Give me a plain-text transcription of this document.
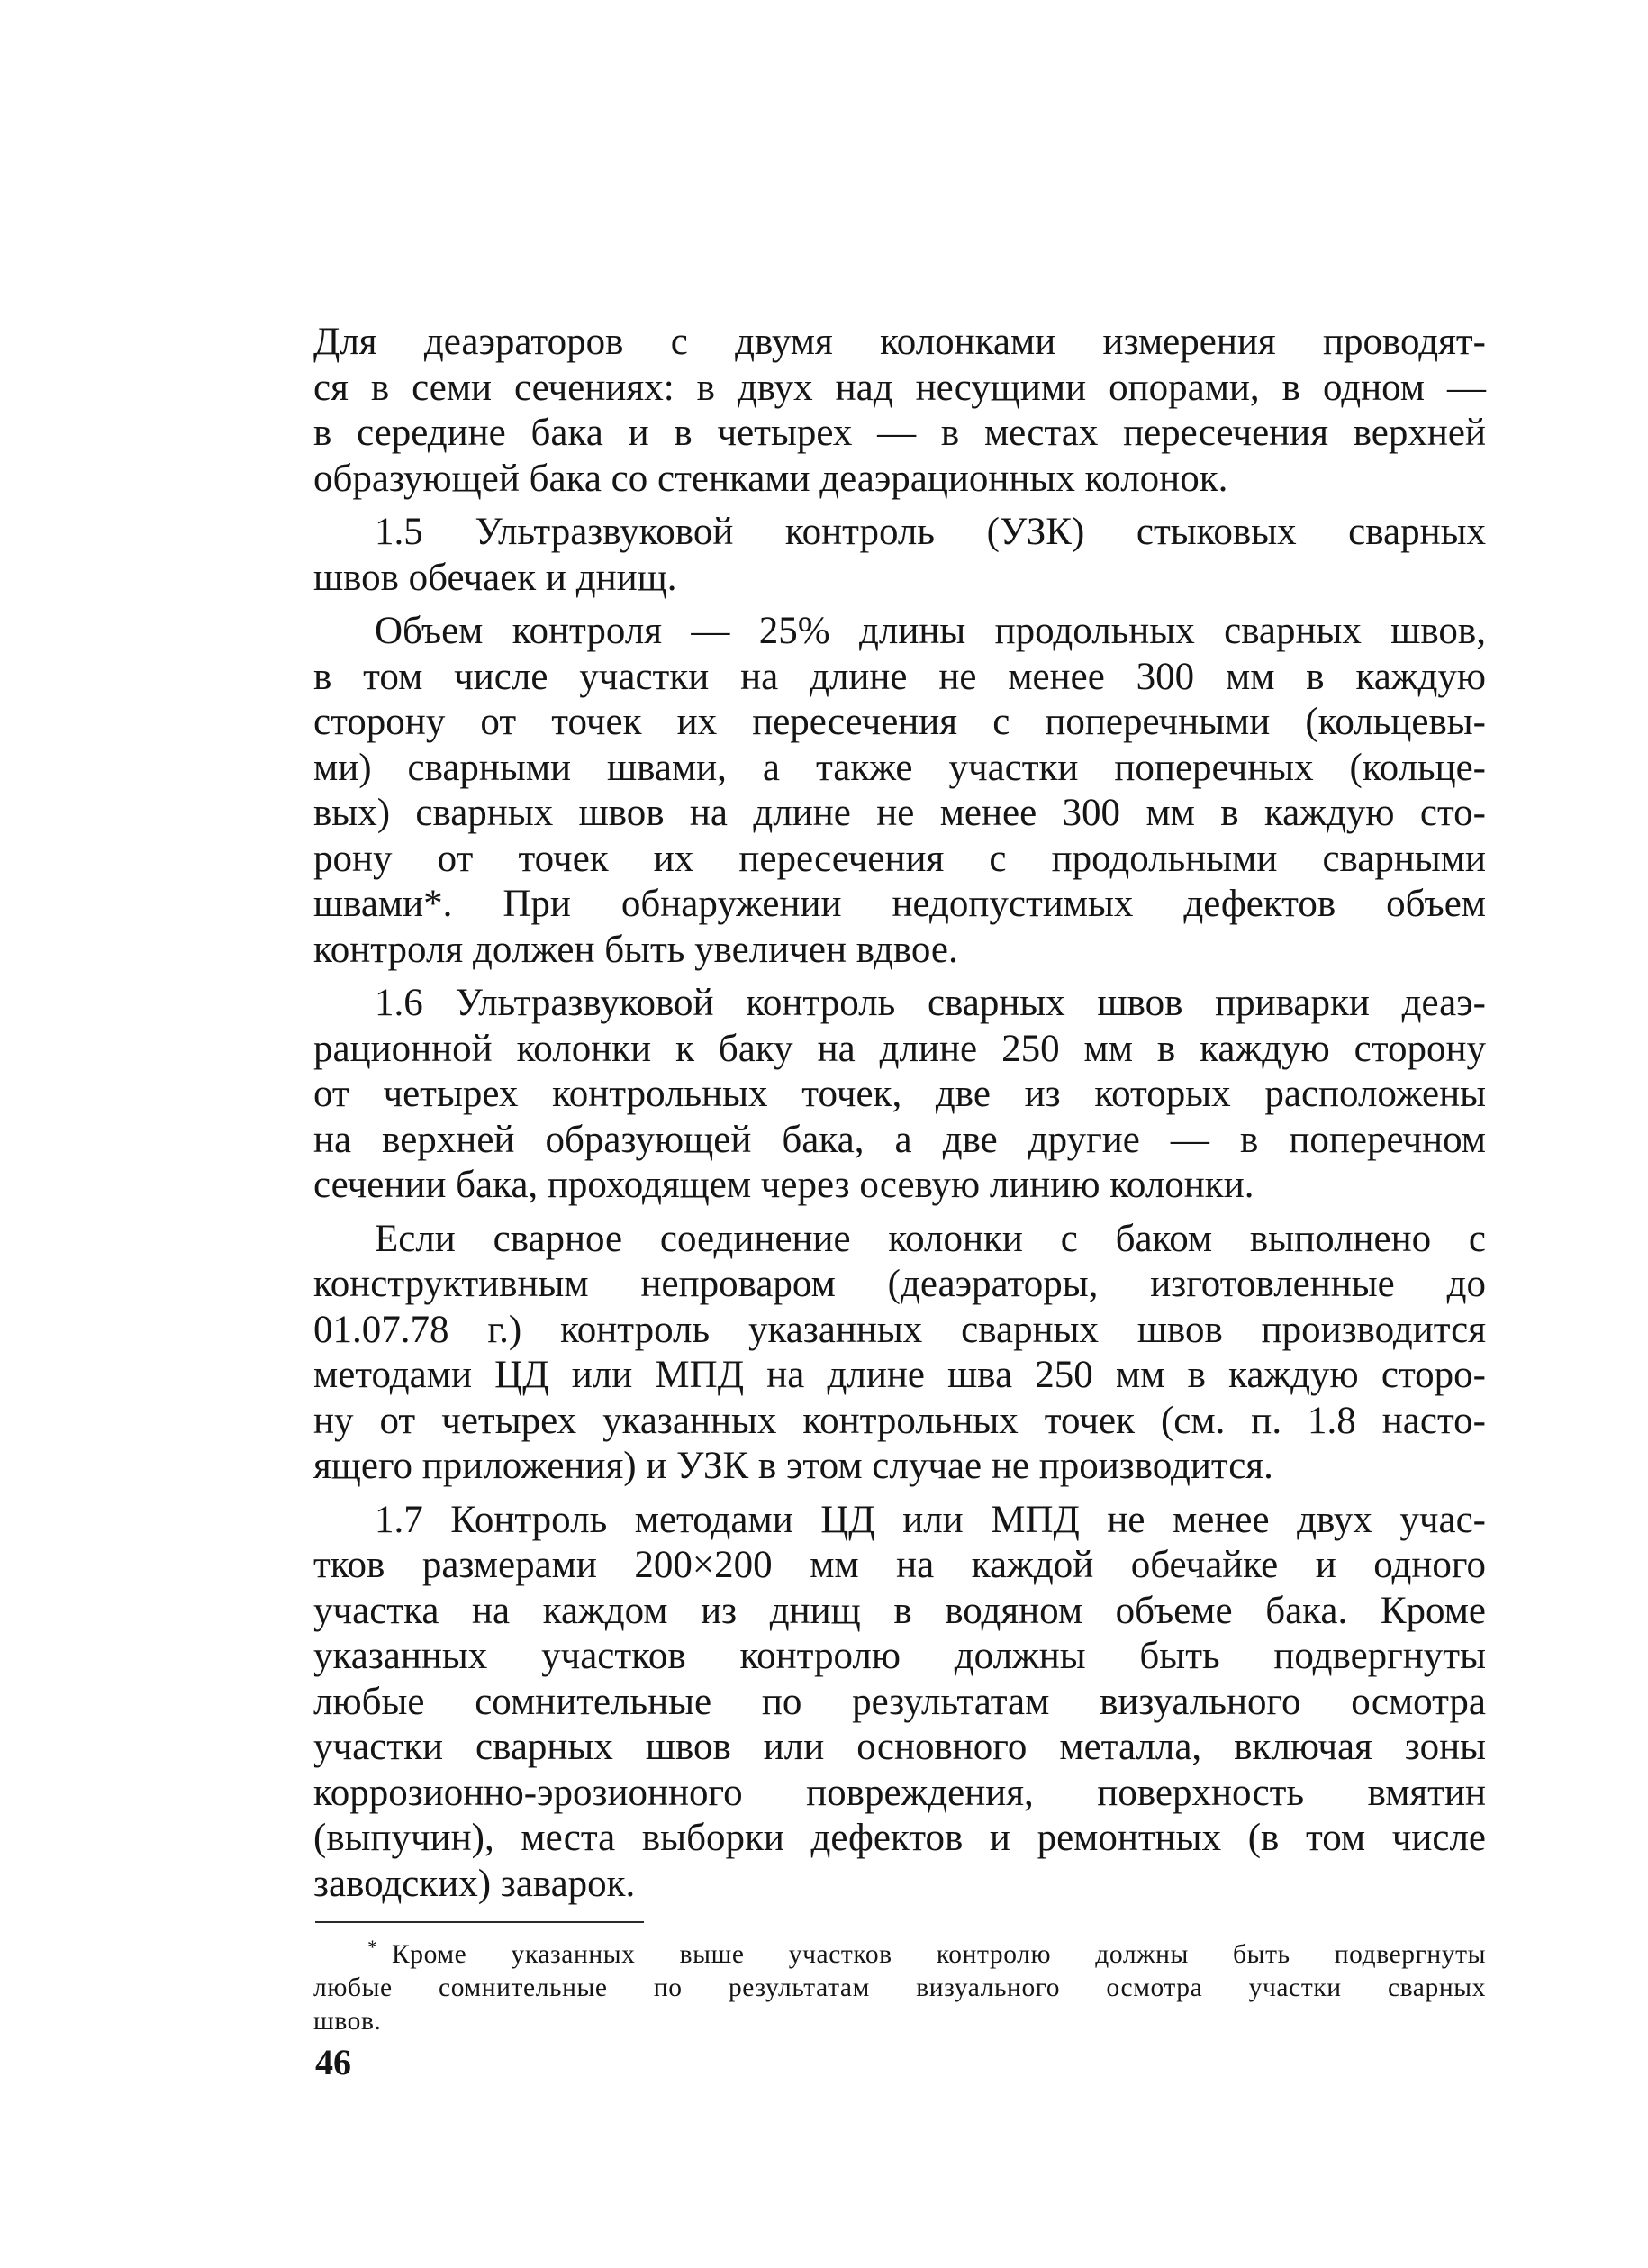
Для деаэраторов с двумя колонками измерения проводят-
ся в семи сечениях: в двух над несущими опорами, в одном —
в середине бака и в четырех — в местах пересечения верхней
образующей бака со стенками деаэрационных колонок.

1.5 Ультразвуковой контроль (УЗК) стыковых сварных
швов обечаек и днищ.

Объем контроля — 25% длины продольных сварных швов,
в том числе участки на длине не менее 300 мм в каждую
сторону от точек их пересечения с поперечными (кольцевы-
ми) сварными швами, а также участки поперечных (кольце-
вых) сварных швов на длине не менее 300 мм в каждую сто-
рону от точек их пересечения с продольными сварными
швами*. При обнаружении недопустимых дефектов объем
контроля должен быть увеличен вдвое.

1.6 Ультразвуковой контроль сварных швов приварки деаэ-
рационной колонки к баку на длине 250 мм в каждую сторону
от четырех контрольных точек, две из которых расположены
на верхней образующей бака, а две другие — в поперечном
сечении бака, проходящем через осевую линию колонки.

Если сварное соединение колонки с баком выполнено с
конструктивным непроваром (деаэраторы, изготовленные до
01.07.78 г.) контроль указанных сварных швов производится
методами ЦД или МПД на длине шва 250 мм в каждую сторо-
ну от четырех указанных контрольных точек (см. п. 1.8 насто-
ящего приложения) и УЗК в этом случае не производится.

1.7 Контроль методами ЦД или МПД не менее двух учас-
тков размерами 200×200 мм на каждой обечайке и одного
участка на каждом из днищ в водяном объеме бака. Кроме
указанных участков контролю должны быть подвергнуты
любые сомнительные по результатам визуального осмотра
участки сварных швов или основного металла, включая зоны
коррозионно-эрозионного повреждения, поверхность вмятин
(выпучин), места выборки дефектов и ремонтных (в том числе
заводских) заварок.

* Кроме указанных выше участков контролю должны быть подвергнуты
любые сомнительные по результатам визуального осмотра участки сварных
швов.
46
